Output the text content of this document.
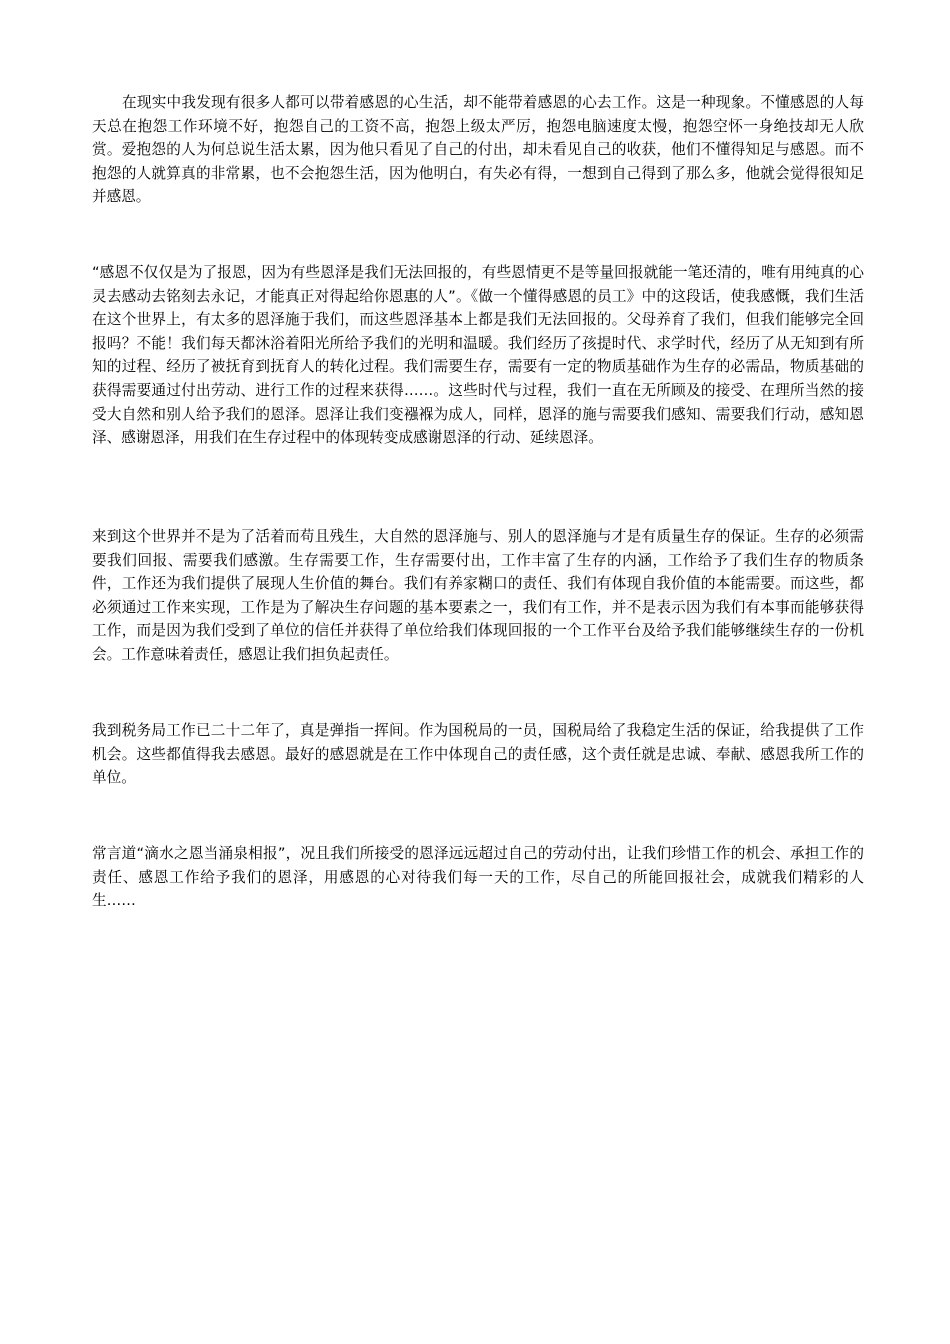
在现实中我发现有很多人都可以带着感恩的心生活，却不能带着感恩的心去工作。这是一种现象。不懂感恩的人每天总在抱怨工作环境不好，抱怨自己的工资不高，抱怨上级太严厉，抱怨电脑速度太慢，抱怨空怀一身绝技却无人欣赏。爱抱怨的人为何总说生活太累，因为他只看见了自己的付出，却未看见自己的收获，他们不懂得知足与感恩。而不抱怨的人就算真的非常累，也不会抱怨生活，因为他明白，有失必有得，一想到自己得到了那么多，他就会觉得很知足并感恩。

“感恩不仅仅是为了报恩，因为有些恩泽是我们无法回报的，有些恩情更不是等量回报就能一笔还清的，唯有用纯真的心灵去感动去铭刻去永记，才能真正对得起给你恩惠的人”。《做一个懂得感恩的员工》中的这段话，使我感慨，我们生活在这个世界上，有太多的恩泽施于我们，而这些恩泽基本上都是我们无法回报的。父母养育了我们，但我们能够完全回报吗？不能！我们每天都沐浴着阳光所给予我们的光明和温暖。我们经历了孩提时代、求学时代，经历了从无知到有所知的过程、经历了被抚育到抚育人的转化过程。我们需要生存，需要有一定的物质基础作为生存的必需品，物质基础的获得需要通过付出劳动、进行工作的过程来获得……。这些时代与过程，我们一直在无所顾及的接受、在理所当然的接受大自然和别人给予我们的恩泽。恩泽让我们变襁褓为成人，同样，恩泽的施与需要我们感知、需要我们行动，感知恩泽、感谢恩泽，用我们在生存过程中的体现转变成感谢恩泽的行动、延续恩泽。

来到这个世界并不是为了活着而苟且残生，大自然的恩泽施与、别人的恩泽施与才是有质量生存的保证。生存的必须需要我们回报、需要我们感激。生存需要工作，生存需要付出，工作丰富了生存的内涵，工作给予了我们生存的物质条件，工作还为我们提供了展现人生价值的舞台。我们有养家糊口的责任、我们有体现自我价值的本能需要。而这些，都必须通过工作来实现，工作是为了解决生存问题的基本要素之一，我们有工作，并不是表示因为我们有本事而能够获得工作，而是因为我们受到了单位的信任并获得了单位给我们体现回报的一个工作平台及给予我们能够继续生存的一份机会。工作意味着责任，感恩让我们担负起责任。

我到税务局工作已二十二年了，真是弹指一挥间。作为国税局的一员，国税局给了我稳定生活的保证，给我提供了工作机会。这些都值得我去感恩。最好的感恩就是在工作中体现自己的责任感，这个责任就是忠诚、奉献、感恩我所工作的单位。

常言道“滴水之恩当涌泉相报”，况且我们所接受的恩泽远远超过自己的劳动付出，让我们珍惜工作的机会、承担工作的责任、感恩工作给予我们的恩泽，用感恩的心对待我们每一天的工作，尽自己的所能回报社会，成就我们精彩的人生……
